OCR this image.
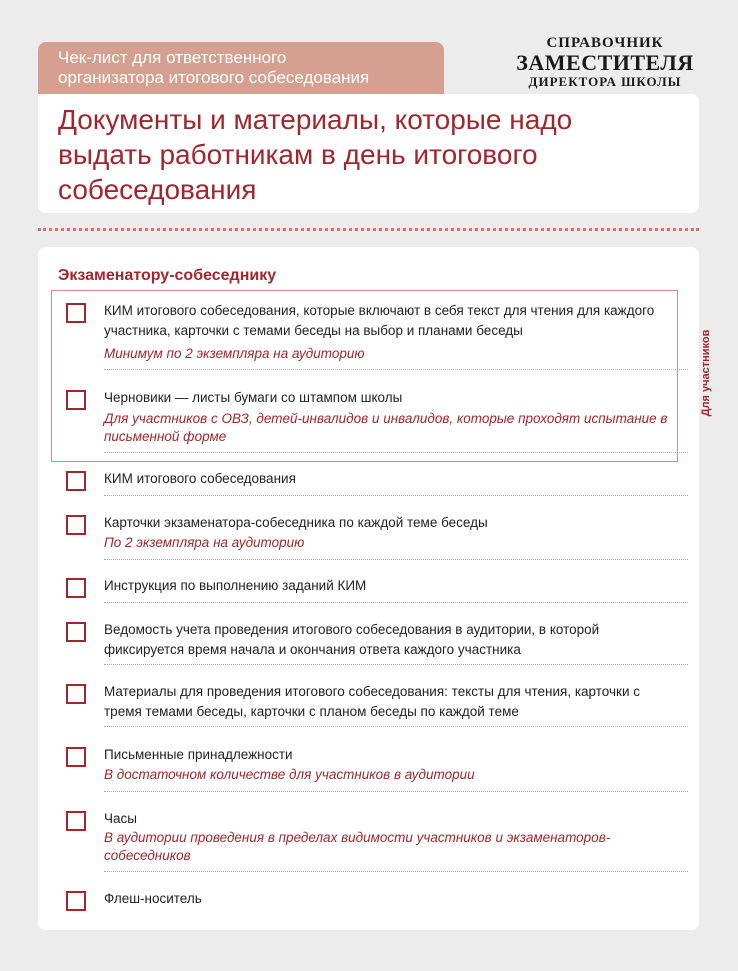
Чек-лист для ответственного
организатора итогового собеседования
СПРАВОЧНИК
ЗАМЕСТИТЕЛЯ
ДИРЕКТОРА ШКОЛЫ
Документы и материалы, которые надо
выдать работникам в день итогового
собеседования
Экзаменатору-собеседнику
Для участников
КИМ итогового собеседования, которые включают в себя текст для чтения для каждого участника, карточки с темами беседы на выбор и планами беседы
Минимум по 2 экземпляра на аудиторию
Черновики — листы бумаги со штампом школы
Для участников с ОВЗ, детей-инвалидов и инвалидов, которые проходят испытание в письменной форме
КИМ итогового собеседования
Карточки экзаменатора-собеседника по каждой теме беседы
По 2 экземпляра на аудиторию
Инструкция по выполнению заданий КИМ
Ведомость учета проведения итогового собеседования в аудитории, в которой фиксируется время начала и окончания ответа каждого участника
Материалы для проведения итогового собеседования: тексты для чтения, карточки с тремя темами беседы, карточки с планом беседы по каждой теме
Письменные принадлежности
В достаточном количестве для участников в аудитории
Часы
В аудитории проведения в пределах видимости участников и экзаменаторов-собеседников
Флеш-носитель
